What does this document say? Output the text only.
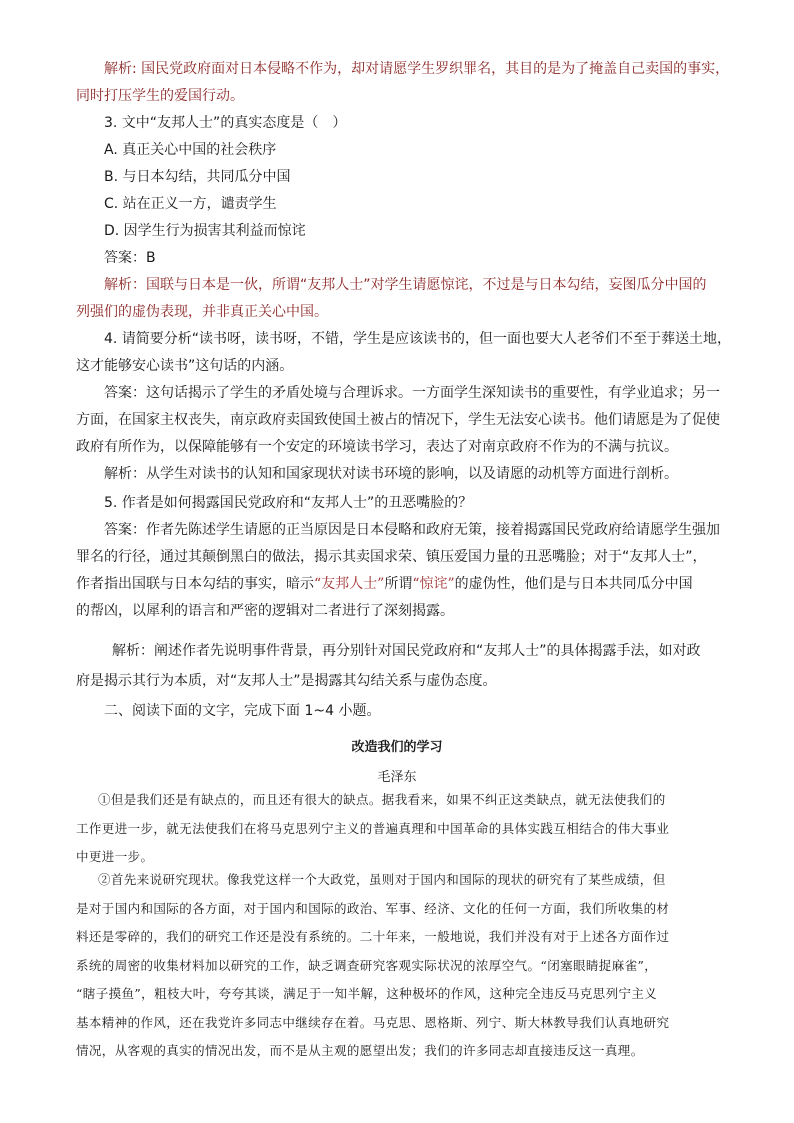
解析: 国民党政府面对日本侵略不作为，却对请愿学生罗织罪名，其目的是为了掩盖自己卖国的事实，
同时打压学生的爱国行动。

3. 文中“友邦人士”的真实态度是（　）
A. 真正关心中国的社会秩序
B. 与日本勾结，共同瓜分中国
C. 站在正义一方，谴责学生
D. 因学生行为损害其利益而惊诧
答案：B
解析：国联与日本是一伙，所谓“友邦人士”对学生请愿惊诧，不过是与日本勾结，妄图瓜分中国的
列强们的虚伪表现，并非真正关心中国。

4. 请简要分析“读书呀，读书呀，不错，学生是应该读书的，但一面也要大人老爷们不至于葬送土地，
这才能够安心读书”这句话的内涵。
答案：这句话揭示了学生的矛盾处境与合理诉求。一方面学生深知读书的重要性，有学业追求；另一
方面，在国家主权丧失，南京政府卖国致使国土被占的情况下，学生无法安心读书。他们请愿是为了促使
政府有所作为，以保障能够有一个安定的环境读书学习，表达了对南京政府不作为的不满与抗议。
解析：从学生对读书的认知和国家现状对读书环境的影响，以及请愿的动机等方面进行剖析。

5. 作者是如何揭露国民党政府和“友邦人士”的丑恶嘴脸的？
答案：作者先陈述学生请愿的正当原因是日本侵略和政府无策，接着揭露国民党政府给请愿学生强加
罪名的行径，通过其颠倒黑白的做法，揭示其卖国求荣、镇压爱国力量的丑恶嘴脸；对于“友邦人士”，
作者指出国联与日本勾结的事实，暗示“友邦人士”所谓“惊诧”的虚伪性，他们是与日本共同瓜分中国
的帮凶，以犀利的语言和严密的逻辑对二者进行了深刻揭露。

解析：阐述作者先说明事件背景，再分别针对国民党政府和“友邦人士”的具体揭露手法，如对政
府是揭示其行为本质，对“友邦人士”是揭露其勾结关系与虚伪态度。

二、阅读下面的文字，完成下面 1~4 小题。

改造我们的学习
毛泽东
①但是我们还是有缺点的，而且还有很大的缺点。据我看来，如果不纠正这类缺点，就无法使我们的
工作更进一步，就无法使我们在将马克思列宁主义的普遍真理和中国革命的具体实践互相结合的伟大事业
中更进一步。
②首先来说研究现状。像我党这样一个大政党，虽则对于国内和国际的现状的研究有了某些成绩，但
是对于国内和国际的各方面，对于国内和国际的政治、军事、经济、文化的任何一方面，我们所收集的材
料还是零碎的，我们的研究工作还是没有系统的。二十年来，一般地说，我们并没有对于上述各方面作过
系统的周密的收集材料加以研究的工作，缺乏调查研究客观实际状况的浓厚空气。“闭塞眼睛捉麻雀”，
“瞎子摸鱼”，粗枝大叶，夸夸其谈，满足于一知半解，这种极坏的作风，这种完全违反马克思列宁主义
基本精神的作风，还在我党许多同志中继续存在着。马克思、恩格斯、列宁、斯大林教导我们认真地研究
情况，从客观的真实的情况出发，而不是从主观的愿望出发；我们的许多同志却直接违反这一真理。
